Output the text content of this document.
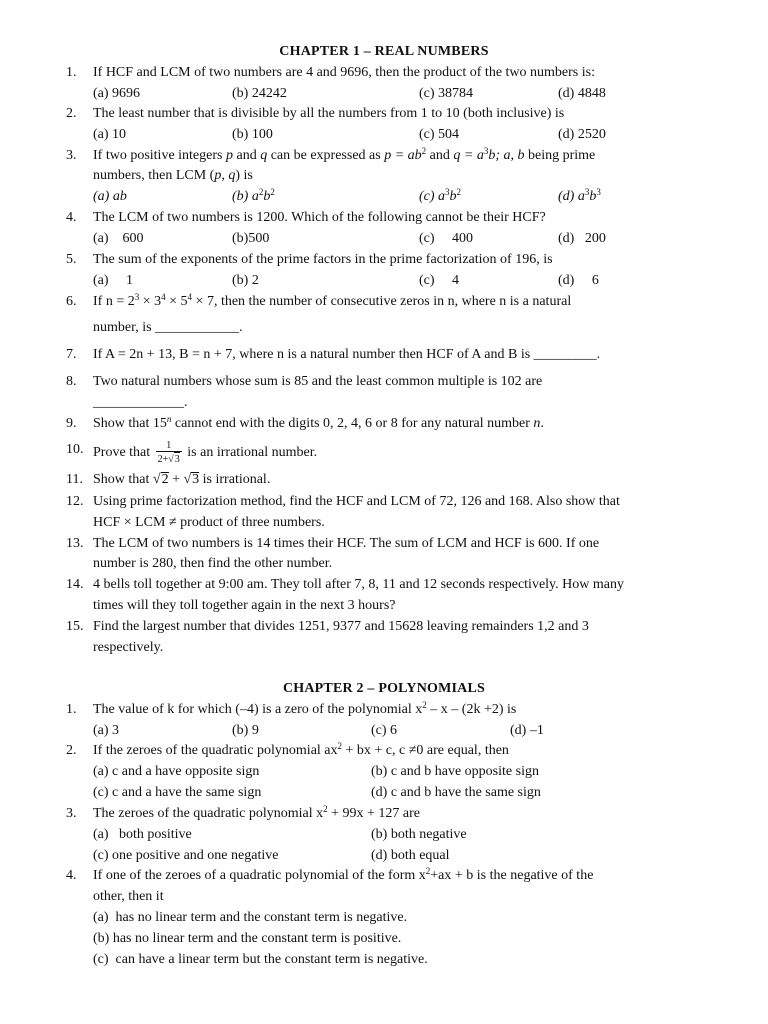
CHAPTER 1 – REAL NUMBERS
1. If HCF and LCM of two numbers are 4 and 9696, then the product of the two numbers is:
(a) 9696	(b) 24242	(c) 38784	(d) 4848
2. The least number that is divisible by all the numbers from 1 to 10 (both inclusive) is
(a) 10	(b) 100	(c) 504	(d) 2520
3. If two positive integers p and q can be expressed as $p = ab^2$ and $q = a^3b$; a, b being prime
numbers, then LCM (p, q) is
(a) ab	(b) $a^2b^2$	(c) $a^3b^2$	(d) $a^3b^3$
4. The LCM of two numbers is 1200. Which of the following cannot be their HCF?
(a)    600	(b)500	(c)     400	(d)   200
5. The sum of the exponents of the prime factors in the prime factorization of 196, is
(a)     1	(b) 2	(c)     4	(d)     6
6. If $n = 2^3 \times 3^4 \times 5^4 \times 7$, then the number of consecutive zeros in n, where n is a natural
number, is ____________.
7. If A = 2n + 13, B = n + 7, where n is a natural number then HCF of A and B is _________.
8. Two natural numbers whose sum is 85 and the least common multiple is 102 are
_____________.
9. Show that 15$^n$ cannot end with the digits 0, 2, 4, 6 or 8 for any natural number n.
10. Prove that $\frac{1}{2+√3}$ is an irrational number.
11. Show that √2 + √3 is irrational.
12. Using prime factorization method, find the HCF and LCM of 72, 126 and 168. Also show that
HCF × LCM ≠ product of three numbers.
13. The LCM of two numbers is 14 times their HCF. The sum of LCM and HCF is 600. If one
number is 280, then find the other number.
14. 4 bells toll together at 9:00 am. They toll after 7, 8, 11 and 12 seconds respectively. How many
times will they toll together again in the next 3 hours?
15. Find the largest number that divides 1251, 9377 and 15628 leaving remainders 1,2 and 3
respectively.
CHAPTER 2 – POLYNOMIALS
1. The value of k for which (–4) is a zero of the polynomial $x^2 - x - (2k +2)$ is
(a) 3	(b) 9	(c) 6	(d) –1
2. If the zeroes of the quadratic polynomial $ax^2$ + bx + c, c ≠0 are equal, then
(a) c and a have opposite sign	(b) c and b have opposite sign
(c) c and a have the same sign	(d) c and b have the same sign
3. The zeroes of the quadratic polynomial $x^2 + 99x + 127$ are
(a)   both positive	(b) both negative
(c) one positive and one negative	(d) both equal
4. If one of the zeroes of a quadratic polynomial of the form $x^2+ax + b$ is the negative of the
other, then it
(a)  has no linear term and the constant term is negative.
(b) has no linear term and the constant term is positive.
(c)  can have a linear term but the constant term is negative.
